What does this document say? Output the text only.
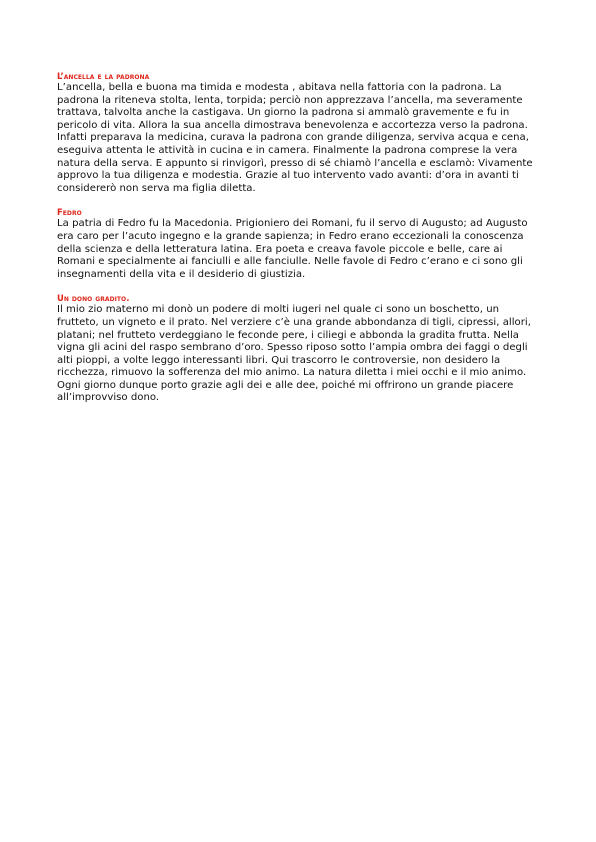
L’ancella e la padrona

L’ancella, bella e buona ma timida e modesta , abitava nella fattoria con la padrona. La padrona la riteneva stolta, lenta, torpida; perciò non apprezzava l’ancella, ma severamente trattava, talvolta anche la castigava. Un giorno la padrona si ammalò gravemente e fu in pericolo di vita. Allora la sua ancella dimostrava benevolenza e accortezza verso la padrona. Infatti preparava la medicina, curava la padrona con grande diligenza, serviva acqua e cena, eseguiva attenta le attività in cucina e in camera. Finalmente la padrona comprese la vera natura della serva. E appunto si rinvigorì, presso di sé chiamò l’ancella e esclamò: Vivamente approvo la tua diligenza e modestia. Grazie al tuo intervento vado avanti: d’ora in avanti ti considererò non serva ma figlia diletta.

Fedro

La patria di Fedro fu la Macedonia. Prigioniero dei Romani, fu il servo di Augusto; ad Augusto era caro per l’acuto ingegno e la grande sapienza; in Fedro erano eccezionali la conoscenza della scienza e della letteratura latina. Era poeta e creava favole piccole e belle, care ai Romani e specialmente ai fanciulli e alle fanciulle. Nelle favole di Fedro c’erano e ci sono gli insegnamenti della vita e il desiderio di giustizia.

Un dono gradito.

Il mio zio materno mi donò un podere di molti iugeri nel quale ci sono un boschetto, un frutteto, un vigneto e il prato. Nel verziere c’è una grande abbondanza di tigli, cipressi, allori, platani; nel frutteto verdeggiano le feconde pere, i ciliegi e abbonda la gradita frutta. Nella vigna gli acini del raspo sembrano d’oro. Spesso riposo sotto l’ampia ombra dei faggi o degli alti pioppi, a volte leggo interessanti libri. Qui trascorro le controversie, non desidero la ricchezza, rimuovo la sofferenza del mio animo. La natura diletta i miei occhi e il mio animo. Ogni giorno dunque porto grazie agli dei e alle dee, poiché mi offrirono un grande piacere all’improvviso dono.
